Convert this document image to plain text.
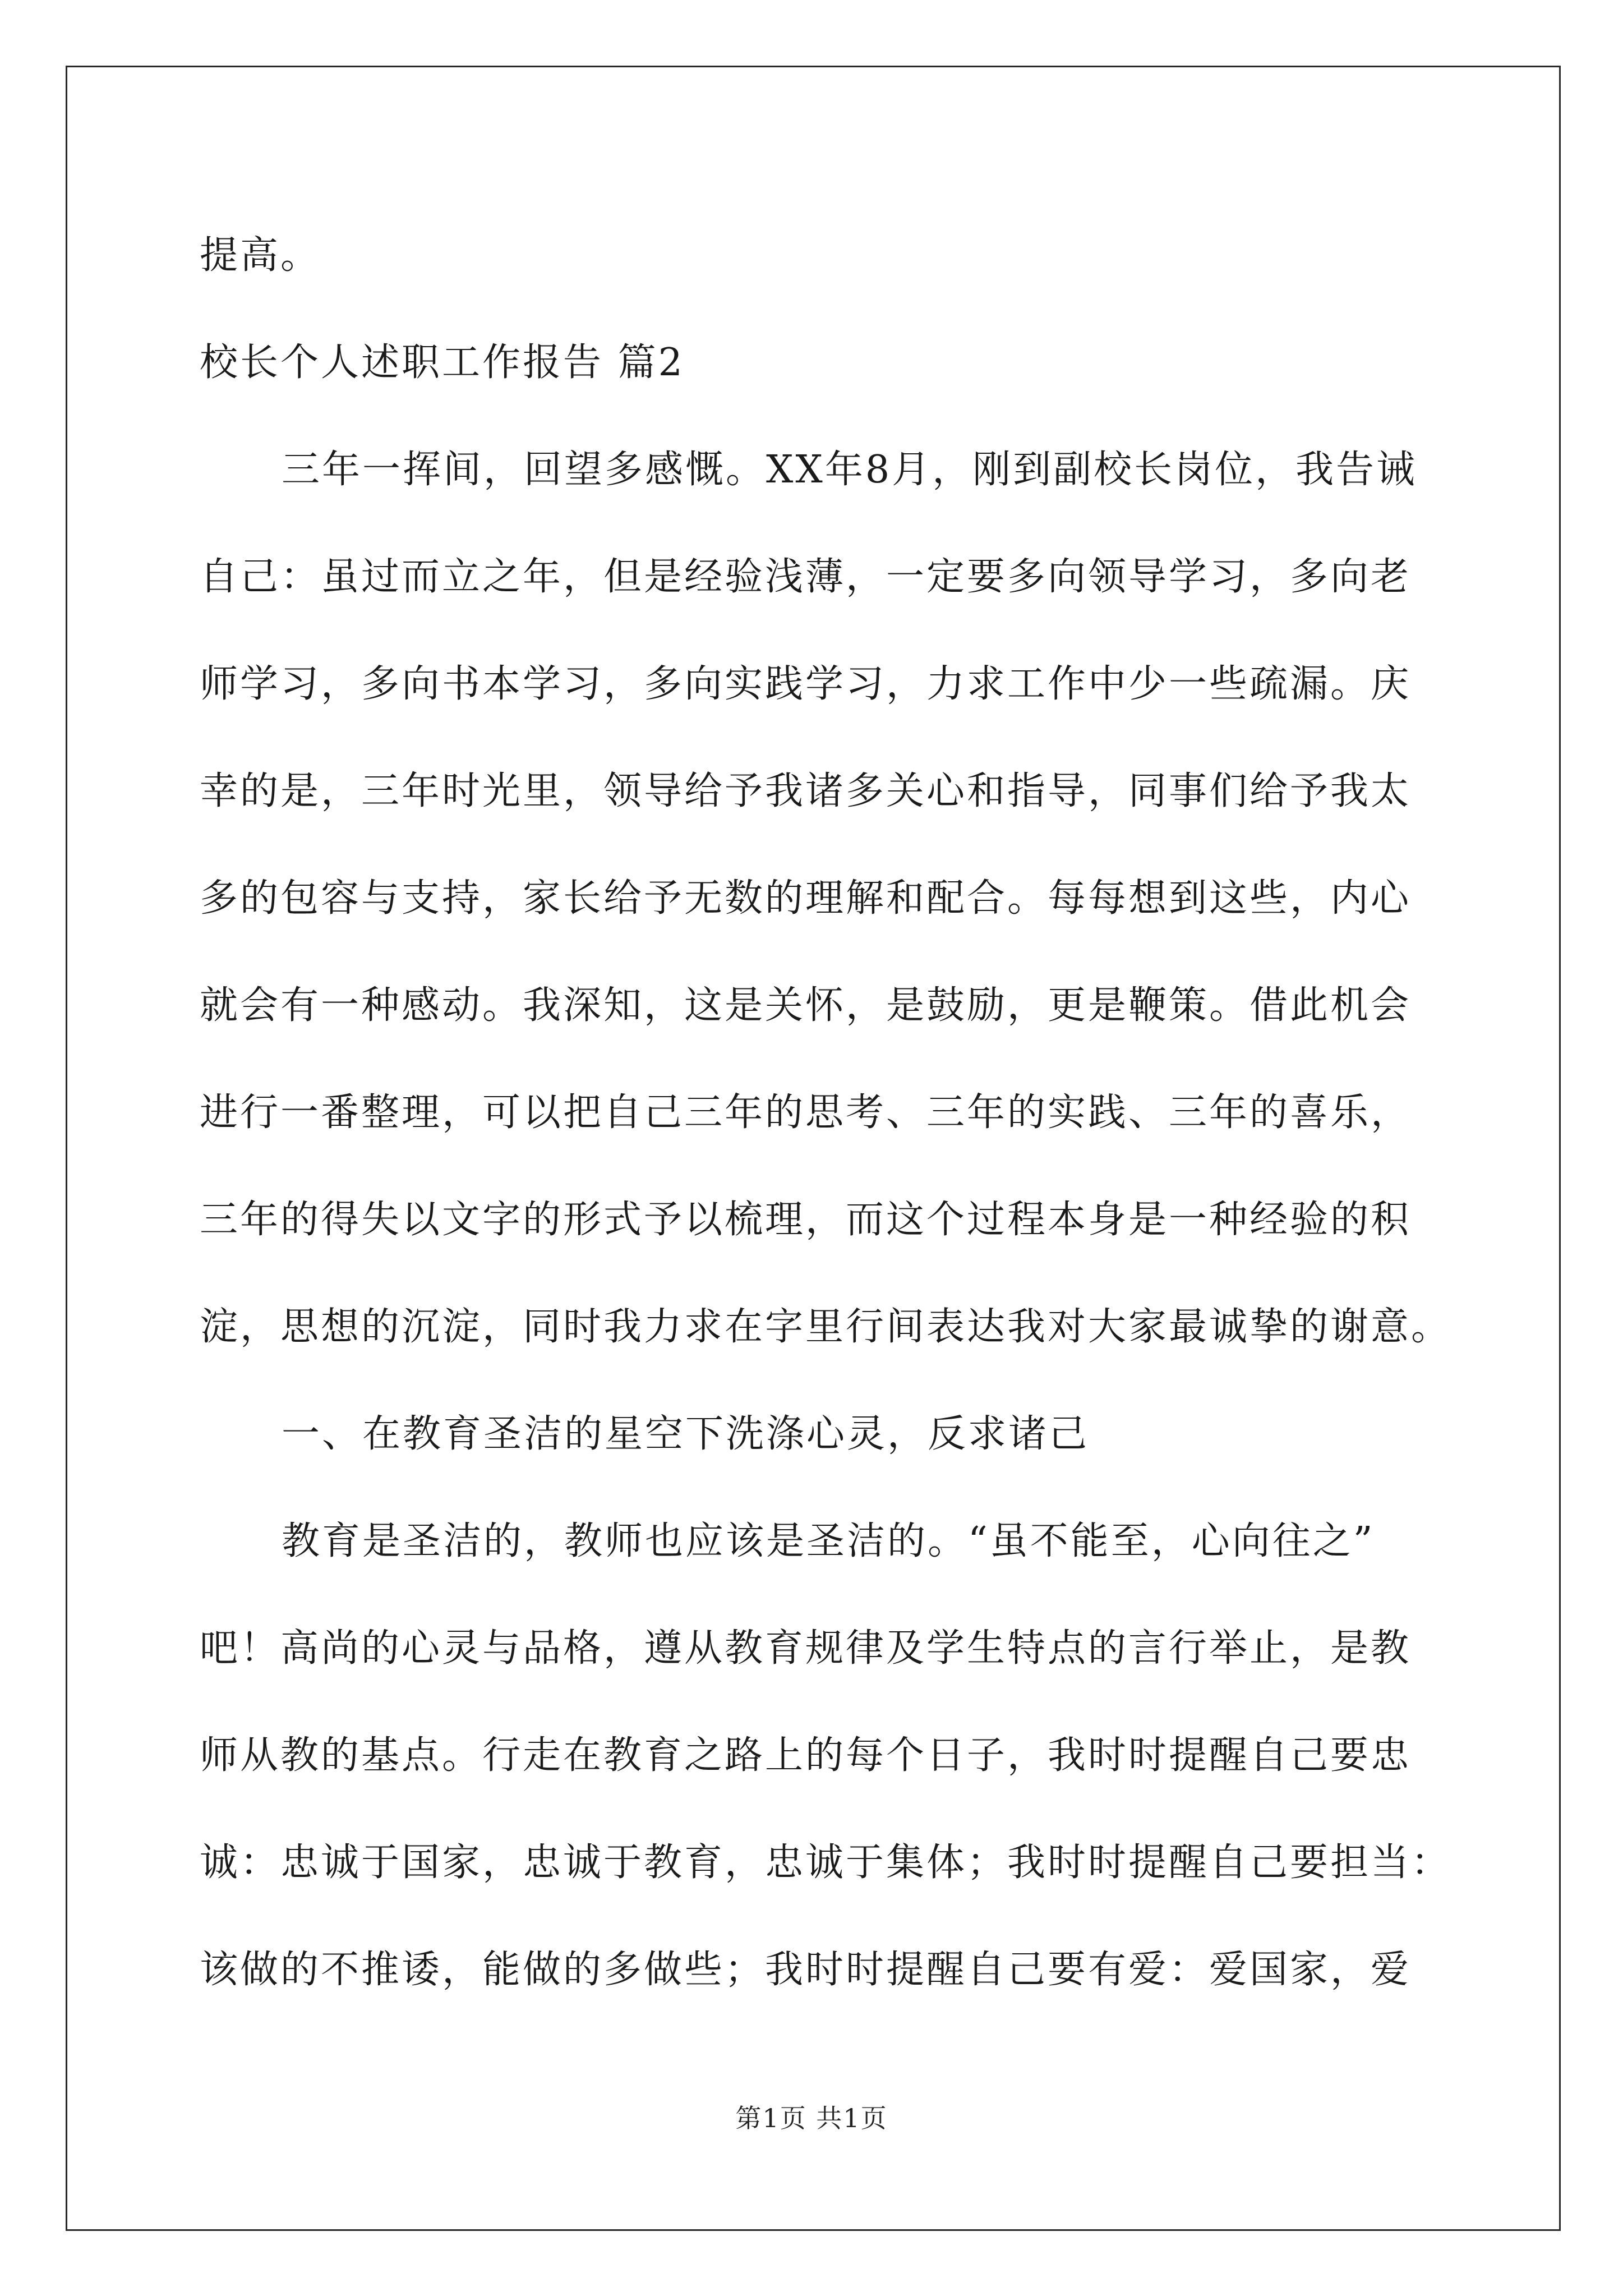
提高。
校长个人述职工作报告 篇2
三年一挥间，回望多感慨。XX年8月，刚到副校长岗位，我告诫
自己：虽过而立之年，但是经验浅薄，一定要多向领导学习，多向老
师学习，多向书本学习，多向实践学习，力求工作中少一些疏漏。庆
幸的是，三年时光里，领导给予我诸多关心和指导，同事们给予我太
多的包容与支持，家长给予无数的理解和配合。每每想到这些，内心
就会有一种感动。我深知，这是关怀，是鼓励，更是鞭策。借此机会
进行一番整理，可以把自己三年的思考、三年的实践、三年的喜乐，
三年的得失以文字的形式予以梳理，而这个过程本身是一种经验的积
淀，思想的沉淀，同时我力求在字里行间表达我对大家最诚挚的谢意。
一、在教育圣洁的星空下洗涤心灵，反求诸己
教育是圣洁的，教师也应该是圣洁的。“虽不能至，心向往之”
吧！高尚的心灵与品格，遵从教育规律及学生特点的言行举止，是教
师从教的基点。行走在教育之路上的每个日子，我时时提醒自己要忠
诚：忠诚于国家，忠诚于教育，忠诚于集体；我时时提醒自己要担当：
该做的不推诿，能做的多做些；我时时提醒自己要有爱：爱国家，爱
第1页 共1页
